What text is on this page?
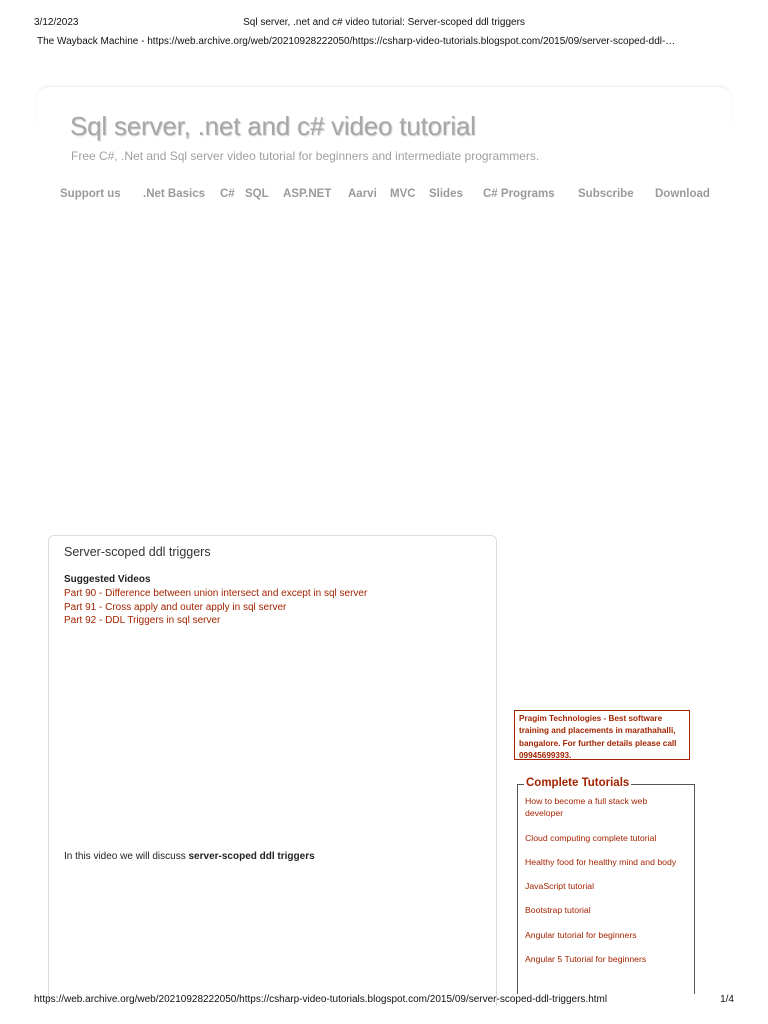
3/12/2023	Sql server, .net and c# video tutorial: Server-scoped ddl triggers
The Wayback Machine - https://web.archive.org/web/20210928222050/https://csharp-video-tutorials.blogspot.com/2015/09/server-scoped-ddl-…
Sql server, .net and c# video tutorial
Free C#, .Net and Sql server video tutorial for beginners and intermediate programmers.
Support us .Net Basics C# SQL ASP.NET Aarvi MVC Slides C# Programs Subscribe Download
Server-scoped ddl triggers
Suggested Videos
Part 90 - Difference between union intersect and except in sql server
Part 91 - Cross apply and outer apply in sql server
Part 92 - DDL Triggers in sql server
In this video we will discuss server-scoped ddl triggers
Pragim Technologies - Best software training and placements in marathahalli, bangalore. For further details please call 09945699393.
Complete Tutorials
How to become a full stack web developer
Cloud computing complete tutorial
Healthy food for healthy mind and body
JavaScript tutorial
Bootstrap tutorial
Angular tutorial for beginners
Angular 5 Tutorial for beginners
https://web.archive.org/web/20210928222050/https://csharp-video-tutorials.blogspot.com/2015/09/server-scoped-ddl-triggers.html	1/4
